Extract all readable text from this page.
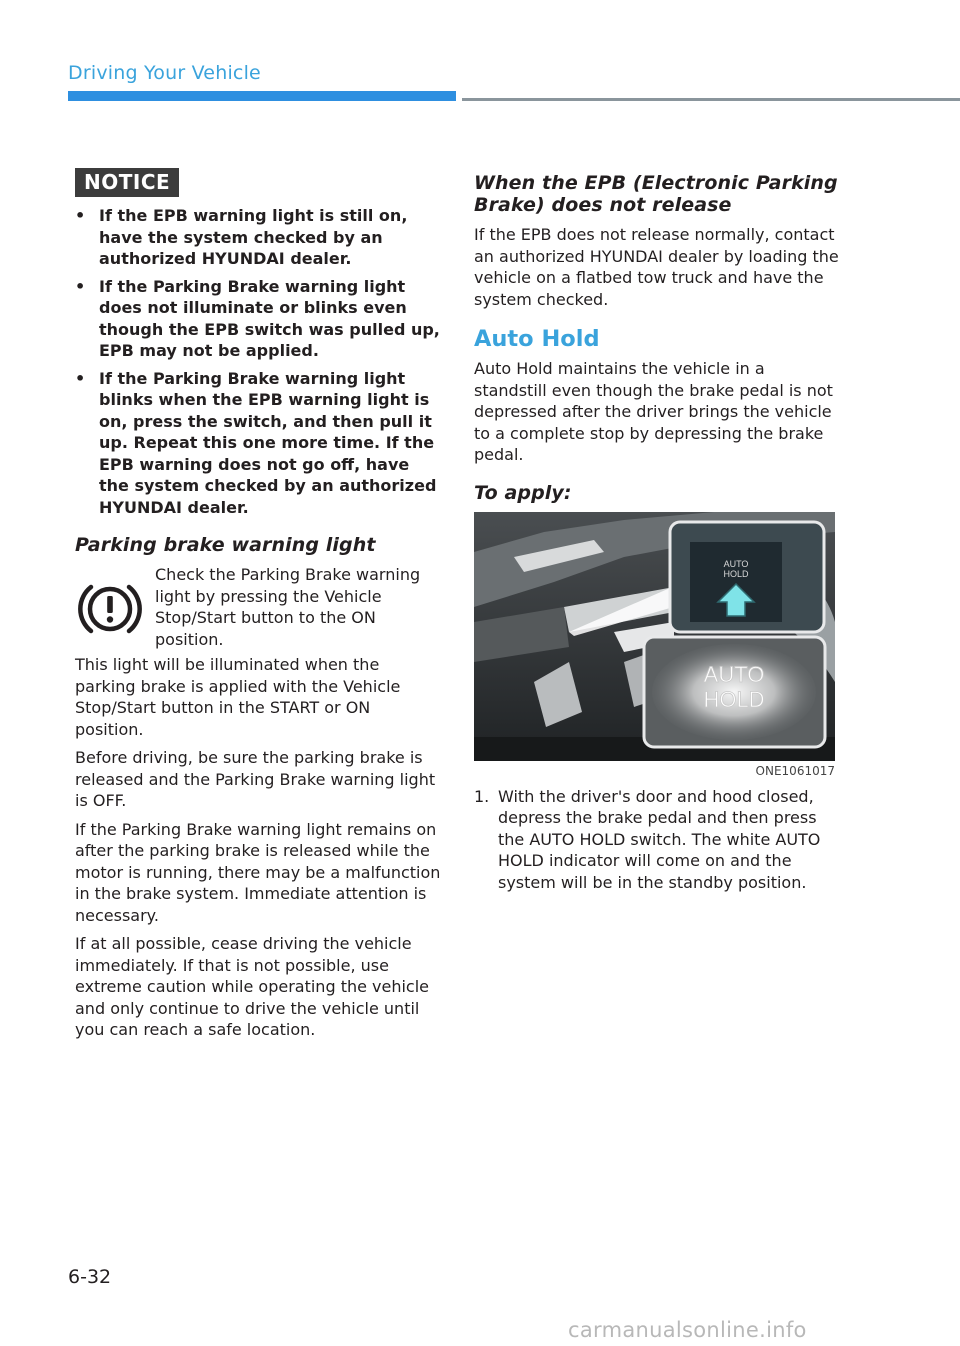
Driving Your Vehicle
NOTICE
• If the EPB warning light is still on, have the system checked by an authorized HYUNDAI dealer.
• If the Parking Brake warning light does not illuminate or blinks even though the EPB switch was pulled up, EPB may not be applied.
• If the Parking Brake warning light blinks when the EPB warning light is on, press the switch, and then pull it up. Repeat this one more time. If the EPB warning does not go off, have the system checked by an authorized HYUNDAI dealer.
Parking brake warning light

Check the Parking Brake warning light by pressing the Vehicle Stop/Start button to the ON position.

This light will be illuminated when the parking brake is applied with the Vehicle Stop/Start button in the START or ON position.

Before driving, be sure the parking brake is released and the Parking Brake warning light is OFF.

If the Parking Brake warning light remains on after the parking brake is released while the motor is running, there may be a malfunction in the brake system. Immediate attention is necessary.

If at all possible, cease driving the vehicle immediately. If that is not possible, use extreme caution while operating the vehicle and only continue to drive the vehicle until you can reach a safe location.

When the EPB (Electronic Parking Brake) does not release

If the EPB does not release normally, contact an authorized HYUNDAI dealer by loading the vehicle on a flatbed tow truck and have the system checked.

Auto Hold

Auto Hold maintains the vehicle in a standstill even though the brake pedal is not depressed after the driver brings the vehicle to a complete stop by depressing the brake pedal.

To apply:
AUTO
HOLD
AUTO
HOLD
ONE1061017
1. With the driver's door and hood closed, depress the brake pedal and then press the AUTO HOLD switch. The white AUTO HOLD indicator will come on and the system will be in the standby position.
6-32
carmanualsonline.info
